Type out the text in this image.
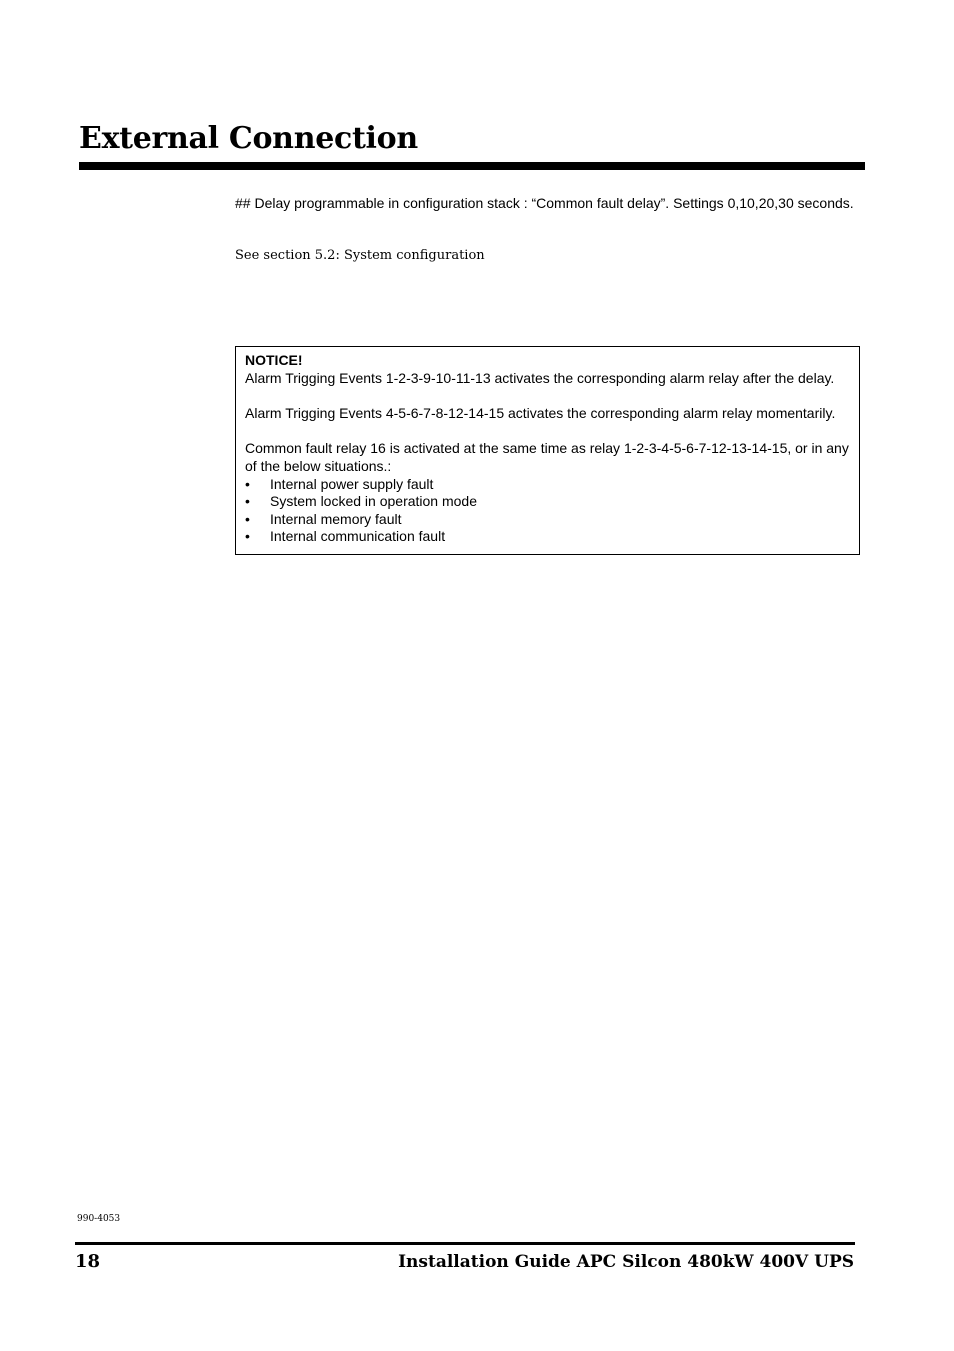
External Connection

## Delay programmable in configuration stack : “Common fault delay”. Settings 0,10,20,30 seconds.

See section 5.2: System configuration

NOTICE!

Alarm Trigging Events 1-2-3-9-10-11-13 activates the corresponding alarm relay after the delay.

Alarm Trigging Events 4-5-6-7-8-12-14-15 activates the corresponding alarm relay momentarily.

Common fault relay 16 is activated at the same time as relay 1-2-3-4-5-6-7-12-13-14-15, or in any of the below situations.:

• Internal power supply fault
• System locked in operation mode
• Internal memory fault
• Internal communication fault

990-4053

18	Installation Guide APC Silcon 480kW 400V UPS
